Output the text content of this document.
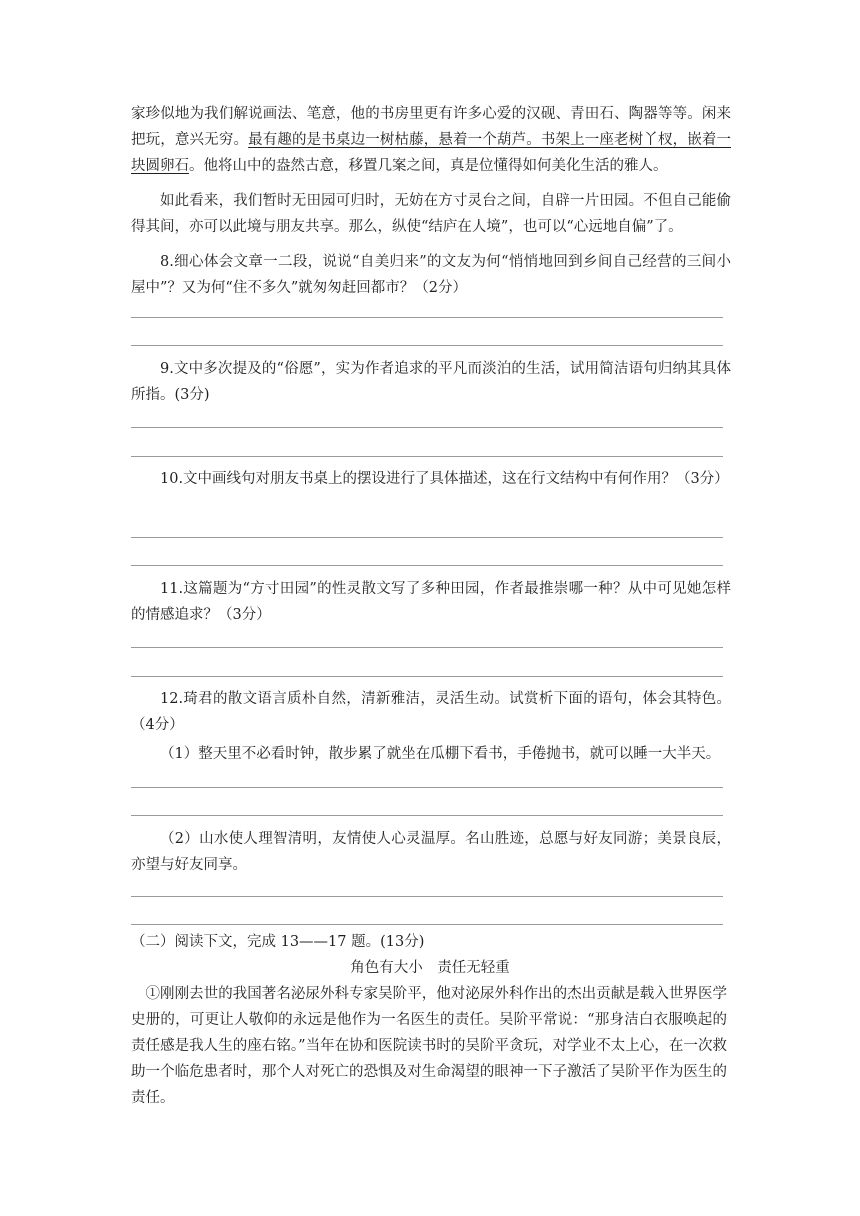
家珍似地为我们解说画法、笔意，他的书房里更有许多心爱的汉砚、青田石、陶器等等。闲来把玩，意兴无穷。最有趣的是书桌边一树枯藤，悬着一个葫芦。书架上一座老树丫杈，嵌着一块圆卵石。他将山中的盎然古意，移置几案之间，真是位懂得如何美化生活的雅人。

如此看来，我们暂时无田园可归时，无妨在方寸灵台之间，自辟一片田园。不但自己能偷得其间，亦可以此境与朋友共享。那么，纵使“结庐在人境”，也可以“心远地自偏”了。

8.细心体会文章一二段，说说“自美归来”的文友为何“悄悄地回到乡间自己经营的三间小屋中”？又为何“住不多久”就匆匆赶回都市？（2分）

9.文中多次提及的“俗愿”，实为作者追求的平凡而淡泊的生活，试用简洁语句归纳其具体所指。(3分)

10.文中画线句对朋友书桌上的摆设进行了具体描述，这在行文结构中有何作用？（3分）

11.这篇题为“方寸田园”的性灵散文写了多种田园，作者最推崇哪一种？从中可见她怎样的情感追求？（3分）

12.琦君的散文语言质朴自然，清新雅洁，灵活生动。试赏析下面的语句，体会其特色。（4分）

（1）整天里不必看时钟，散步累了就坐在瓜棚下看书，手倦抛书，就可以睡一大半天。

（2）山水使人理智清明，友情使人心灵温厚。名山胜迹，总愿与好友同游；美景良辰，亦望与好友同享。

（二）阅读下文，完成 13——17 题。(13分)

角色有大小　责任无轻重

①刚刚去世的我国著名泌尿外科专家吴阶平，他对泌尿外科作出的杰出贡献是载入世界医学史册的，可更让人敬仰的永远是他作为一名医生的责任。吴阶平常说：“那身洁白衣服唤起的责任感是我人生的座右铭。”当年在协和医院读书时的吴阶平贪玩，对学业不太上心，在一次救助一个临危患者时，那个人对死亡的恐惧及对生命渴望的眼神一下子激活了吴阶平作为医生的责任。
